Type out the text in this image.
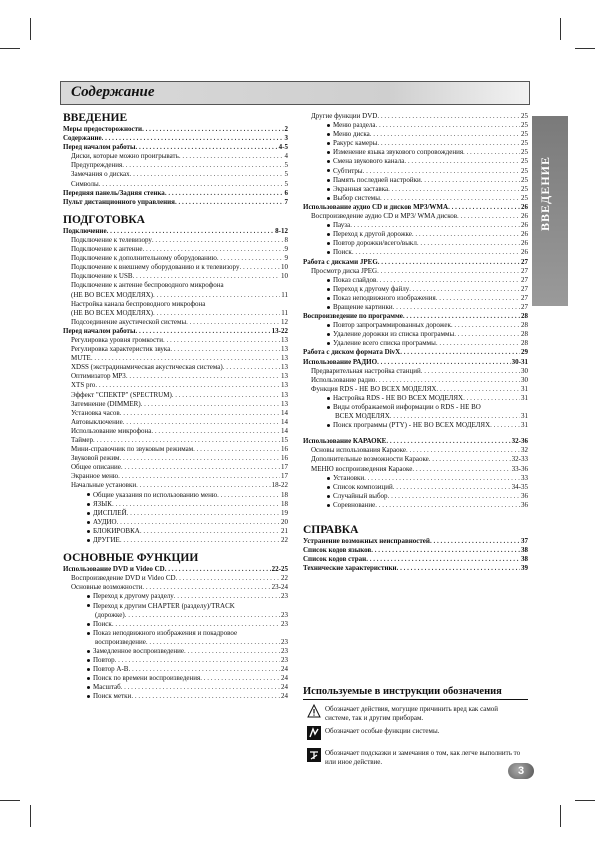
Содержание
ВВЕДЕНИЕ
ВВЕДЕНИЕ
Меры предосторожности . . .	2
Содержание . . .	3
Перед началом работы . . .	4-5
Диски, которые можно проигрывать . . .	4
Предупреждения . . .	5
Замечания о дисках . . .	5
Символы . . .	5
Передняя панель/Задняя стенка . . .	6
Пульт дистанционного управления . . .	7
ПОДГОТОВКА
Подключение . . .	8-12
Подключение к телевизору . . .	8
Подключение к антенне . . .	9
Подключение к дополнительному оборудованию . . .	9
Подключение к внешнему оборудованию и к телевизору . . .	10
Подключение к USB . . .	10
Подключение к антенне беспроводного микрофона
(НЕ ВО ВСЕХ МОДЕЛЯХ) . . .	11
Настройка канала беспроводного микрофона
(НЕ ВО ВСЕХ МОДЕЛЯХ) . . .	11
Подсоединение акустической системы . . .	12
Перед началом работы . . .	13-22
Регулировка уровня громкости . . .	13
Регулировка характеристик звука . . .	13
MUTE . . .	13
XDSS (экстрадинамическая акустическая система) . . .	13
Оптимизатор MP3 . . .	13
XTS pro . . .	13
Эффект "СПЕКТР" (SPECTRUM) . . .	13
Затемнение (DIMMER) . . .	13
Установка часов . . .	14
Автовыключение . . .	14
Использование микрофона . . .	14
Таймер . . .	15
Мини-справочник по звуковым режимам . . .	16
Звуковой режим . . .	16
Общее описание . . .	17
Экранное меню . . .	17
Начальные установки . . .	18-22
Общие указания по использованию меню . . .	18
ЯЗЫК . . .	18
ДИСПЛЕЙ . . .	19
АУДИО . . .	20
БЛОКИРОВКА . . .	21
ДРУГИЕ . . .	22
ОСНОВНЫЕ ФУНКЦИИ
Использование DVD и Video CD . . .	22-25
Воспроизведение DVD и Video CD . . .	22
Основные возможности . . .	23-24
Переход к другому разделу . . .	23
Переход к другим CHAPTER (разделу)/TRACK
(дорожке) . . .	23
Поиск . . .	23
Показ неподвижного изображения и покадровое
воспроизведение . . .	23
Замедленное воспроизведение . . .	23
Повтор . . .	23
Повтор A-B . . .	24
Поиск по времени воспроизведения . . .	24
Масштаб . . .	24
Поиск метки . . .	24
Другие функции DVD . . .	25
Меню раздела . . .	25
Меню диска . . .	25
Ракурс камеры . . .	25
Изменение языка звукового сопровождения . . .	25
Смена звукового канала . . .	25
Субтитры . . .	25
Память последней настройки . . .	25
Экранная заставка . . .	25
Выбор системы . . .	25
Использование аудио CD и дисков MP3/WMA . . .	26
Воспроизведение аудио CD и MP3/ WMA дисков . . .	26
Пауза . . .	26
Переход к другой дорожке . . .	26
Повтор дорожки/всего/выкл . . .	26
Поиск . . .	26
Работа с дисками JPEG . . .	27
Просмотр диска JPEG . . .	27
Показ слайдов . . .	27
Переход к другому файлу . . .	27
Показ неподвижного изображения . . .	27
Вращение картинки . . .	27
Воспроизведение по программе . . .	28
Повтор запрограммированных дорожек . . .	28
Удаление дорожки из списка программы . . .	28
Удаление всего списка программы . . .	28
Работа с диском формата DivX . . .	29
Использование РАДИО . . .	30-31
Предварительная настройка станций . . .	30
Использование радио . . .	30
Функция RDS - НЕ ВО ВСЕХ МОДЕЛЯХ . . .	31
Настройка RDS - НЕ ВО ВСЕХ МОДЕЛЯХ . . .	31
Виды отображаемой информации о RDS - НЕ ВО
ВСЕХ МОДЕЛЯХ . . .	31
Поиск программы (PTY) - НЕ ВО ВСЕХ МОДЕЛЯХ . . .	31
Использование КАРАОКЕ . . .	32-36
Основы использования Караоке . . .	32
Дополнительные возможности Караоке . . .	32-33
МЕНЮ воспроизведения Караоке . . .	33-36
Установки . . .	33
Список композиций . . .	34-35
Случайный выбор . . .	36
Соревнование . . .	36
СПРАВКА
Устранение возможных неисправностей . . .	37
Список кодов языков . . .	38
Список кодов стран . . .	38
Технические характеристики . . .	39
Используемые в инструкции обозначения
Обозначает действия, могущие причинить вред как самой системе, так и другим приборам.
Обозначает особые функции системы.
Обозначает подсказки и замечания о том, как легче выполнить то или иное действие.
3
